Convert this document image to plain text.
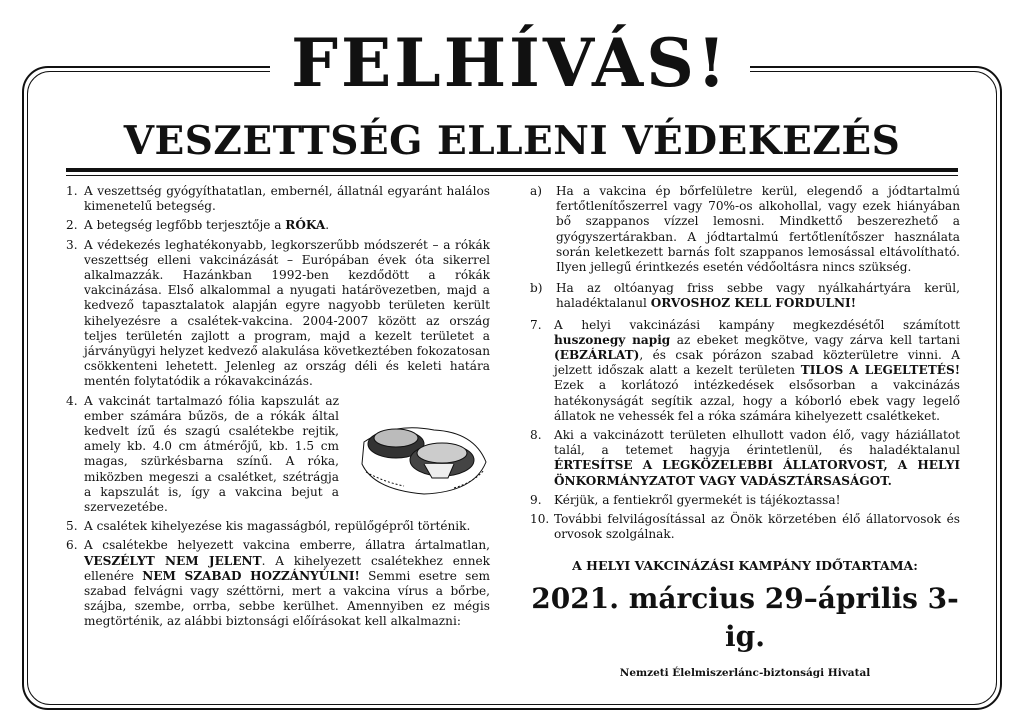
FELHÍVÁS!
VESZETTSÉG ELLENI VÉDEKEZÉS
1. A veszettség gyógyíthatatlan, embernél, állatnál egyaránt halálos kimenetelű betegség.
2. A betegség legfőbb terjesztője a RÓKA.
3. A védekezés leghatékonyabb, legkorszerűbb módszerét – a rókák veszettség elleni vakcinázását – Európában évek óta sikerrel alkalmazzák. Hazánkban 1992-ben kezdődött a rókák vakcinázása. Első alkalommal a nyugati határövezetben, majd a kedvező tapasztalatok alapján egyre nagyobb területen került kihelyezésre a csalétek-vakcina. 2004-2007 között az ország teljes területén zajlott a program, majd a kezelt területet a járványügyi helyzet kedvező alakulása következtében fokozatosan csökkenteni lehetett. Jelenleg az ország déli és keleti határa mentén folytatódik a rókavakcinázás.
4. A vakcinát tartalmazó fólia kapszulát az ember számára bűzös, de a rókák által kedvelt ízű és szagú csalétekbe rejtik, amely kb. 4.0 cm átmérőjű, kb. 1.5 cm magas, szürkésbarna színű. A róka, miközben megeszi a csalétket, szétrágja a kapszulát is, így a vakcina bejut a szervezetébe.
5. A csalétek kihelyezése kis magasságból, repülőgépről történik.
6. A csalétekbe helyezett vakcina emberre, állatra ártalmatlan, VESZÉLYT NEM JELENT. A kihelyezett csalétekhez ennek ellenére NEM SZABAD HOZZÁNYÚLNI! Semmi esetre sem szabad felvágni vagy széttörni, mert a vakcina vírus a bőrbe, szájba, szembe, orrba, sebbe kerülhet. Amennyiben ez mégis megtörténik, az alábbi biztonsági előírásokat kell alkalmazni:
a)	Ha a vakcina ép bőrfelületre kerül, elegendő a jódtartalmú fertőtlenítőszerrel vagy 70%-os alkohollal, vagy ezek hiányában bő szappanos vízzel lemosni. Mindkettő beszerezhető a gyógyszertárakban. A jódtartalmú fertőtlenítőszer használata során keletkezett barnás folt szappanos lemosással eltávolítható. Ilyen jellegű érintkezés esetén védőoltásra nincs szükség.
b)	Ha az oltóanyag friss sebbe vagy nyálkahártyára kerül, haladéktalanul ORVOSHOZ KELL FORDULNI!
7.	A helyi vakcinázási kampány megkezdésétől számított huszonegy napig az ebeket megkötve, vagy zárva kell tartani (EBZÁRLAT), és csak pórázon szabad közterületre vinni. A jelzett időszak alatt a kezelt területen TILOS A LEGELTETÉS! Ezek a korlátozó intézkedések elsősorban a vakcinázás hatékonyságát segítik azzal, hogy a kóborló ebek vagy legelő állatok ne vehessék fel a róka számára kihelyezett csalétkeket.
8.	Aki a vakcinázott területen elhullott vadon élő, vagy háziállatot talál, a tetemet hagyja érintetlenül, és haladéktalanul ÉRTESÍTSE A LEGKÖZELEBBI ÁLLATORVOST, A HELYI ÖNKORMÁNYZATOT VAGY VADÁSZTÁRSASÁGOT.
9.	Kérjük, a fentiekről gyermekét is tájékoztassa!
10. További felvilágosítással az Önök körzetében élő állatorvosok és orvosok szolgálnak.
A HELYI VAKCINÁZÁSI KAMPÁNY IDŐTARTAMA:
2021. március 29–április 3-ig.
Nemzeti Élelmiszerlánc-biztonsági Hivatal
